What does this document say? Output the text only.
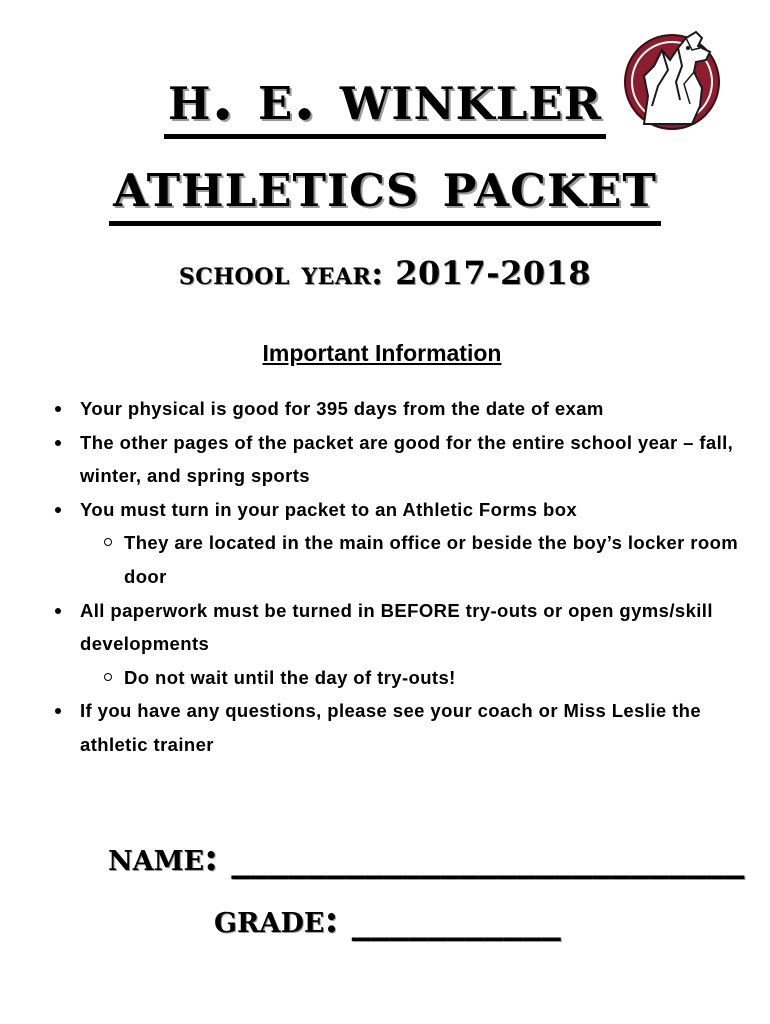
h. e. winkler
athletics packet
school year: 2017-2018
Important Information
Your physical is good for 395 days from the date of exam
The other pages of the packet are good for the entire school year – fall, winter, and spring sports
You must turn in your packet to an Athletic Forms box
They are located in the main office or beside the boy’s locker room door
All paperwork must be turned in BEFORE try-outs or open gyms/skill developments
Do not wait until the day of try-outs!
If you have any questions, please see your coach or Miss Leslie the athletic trainer
name: ___________________________
grade: ___________
